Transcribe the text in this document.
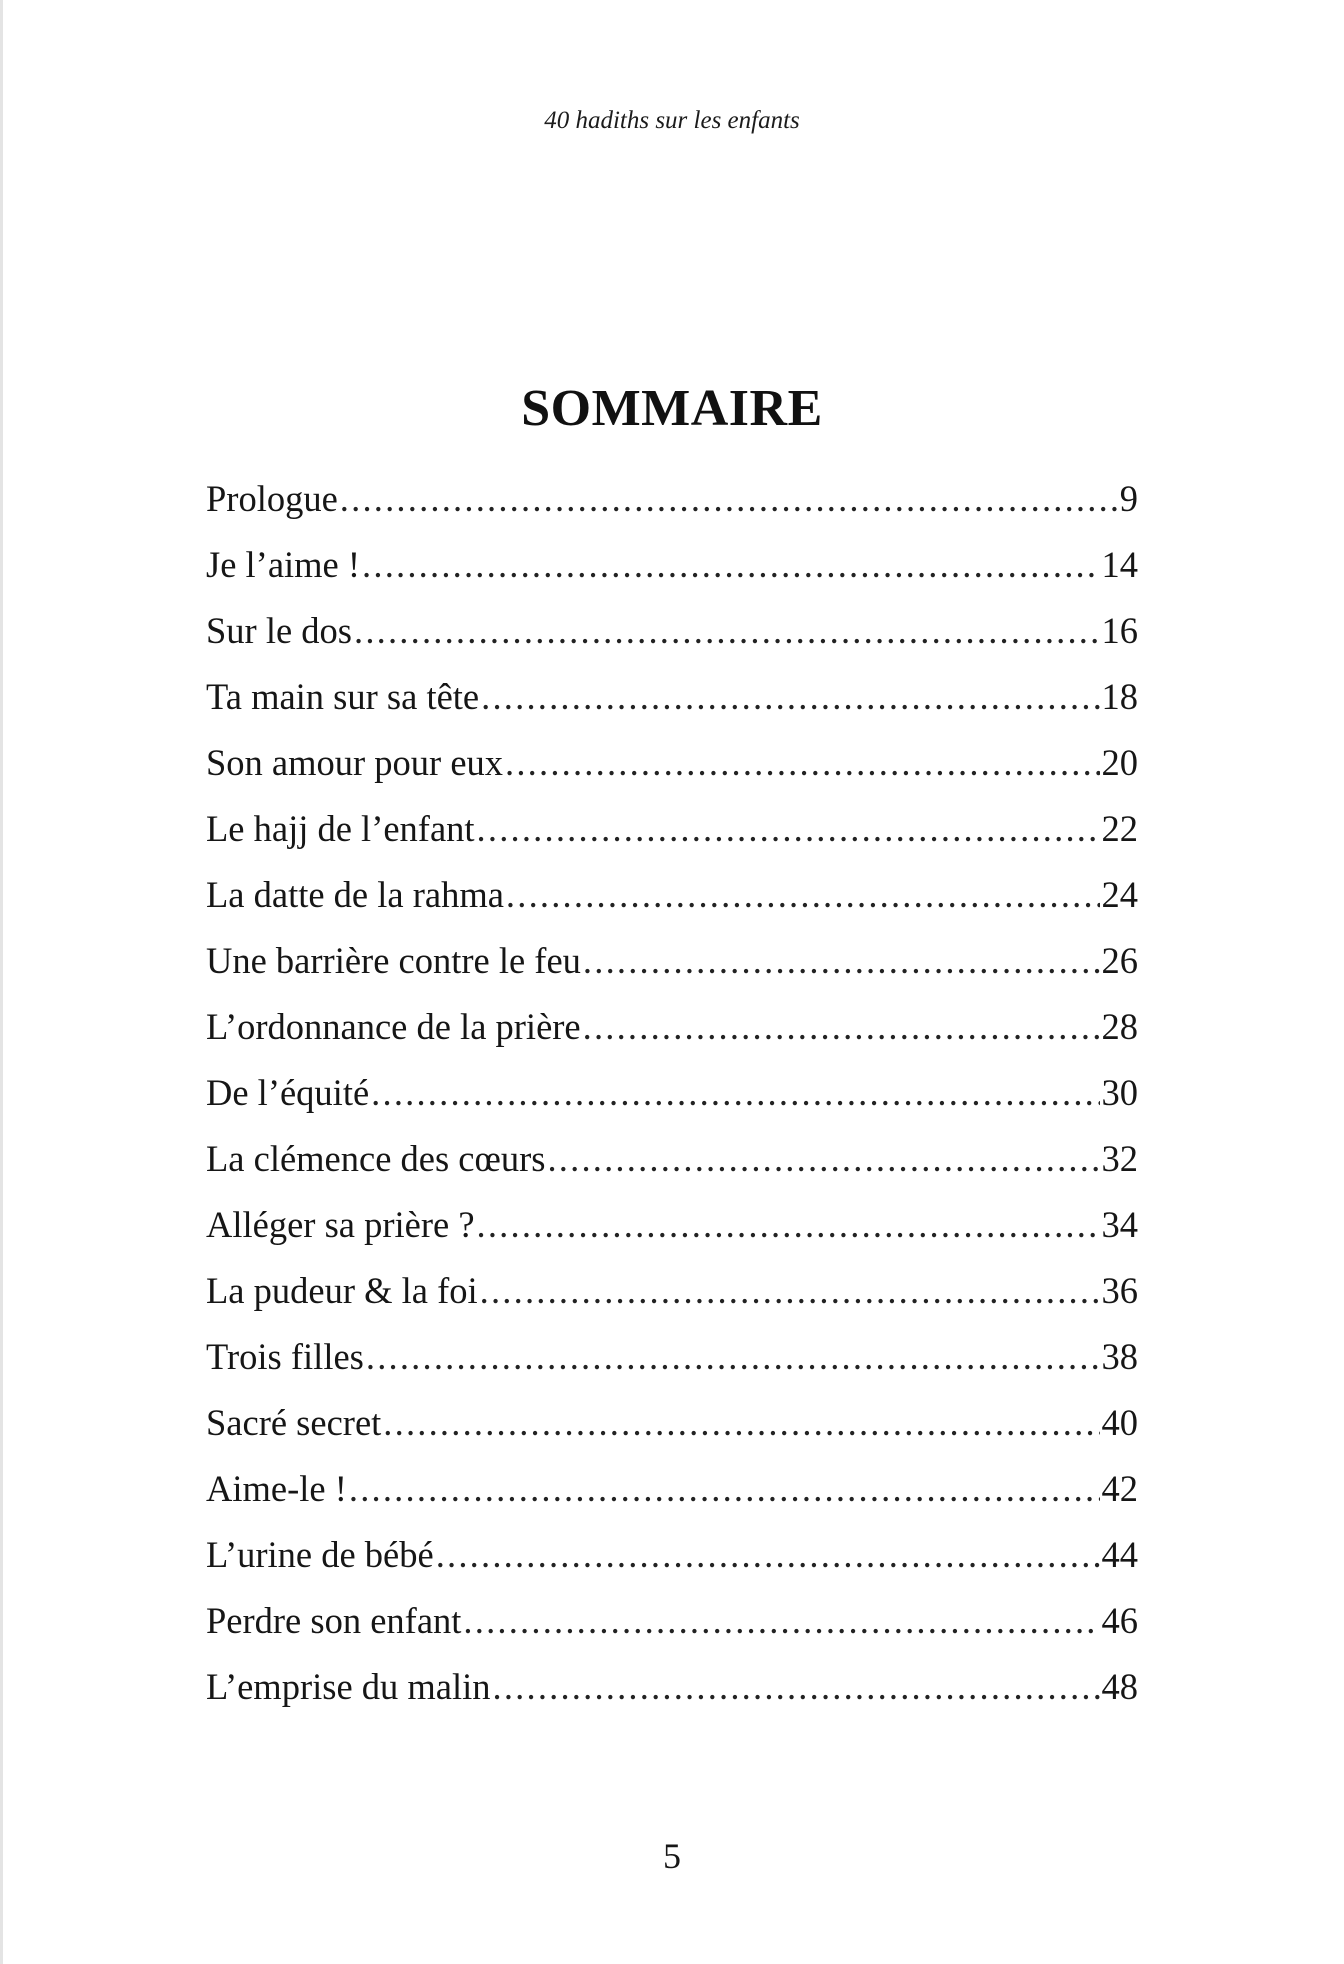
40 hadiths sur les enfants
SOMMAIRE
Prologue .....	9
Je l’aime ! .....	14
Sur le dos .....	16
Ta main sur sa tête .....	18
Son amour pour eux .....	20
Le hajj de l’enfant .....	22
La datte de la rahma .....	24
Une barrière contre le feu .....	26
L’ordonnance de la prière .....	28
De l’équité .....	30
La clémence des cœurs .....	32
Alléger sa prière ? .....	34
La pudeur & la foi .....	36
Trois filles .....	38
Sacré secret .....	40
Aime-le ! .....	42
L’urine de bébé .....	44
Perdre son enfant .....	46
L’emprise du malin .....	48
5
